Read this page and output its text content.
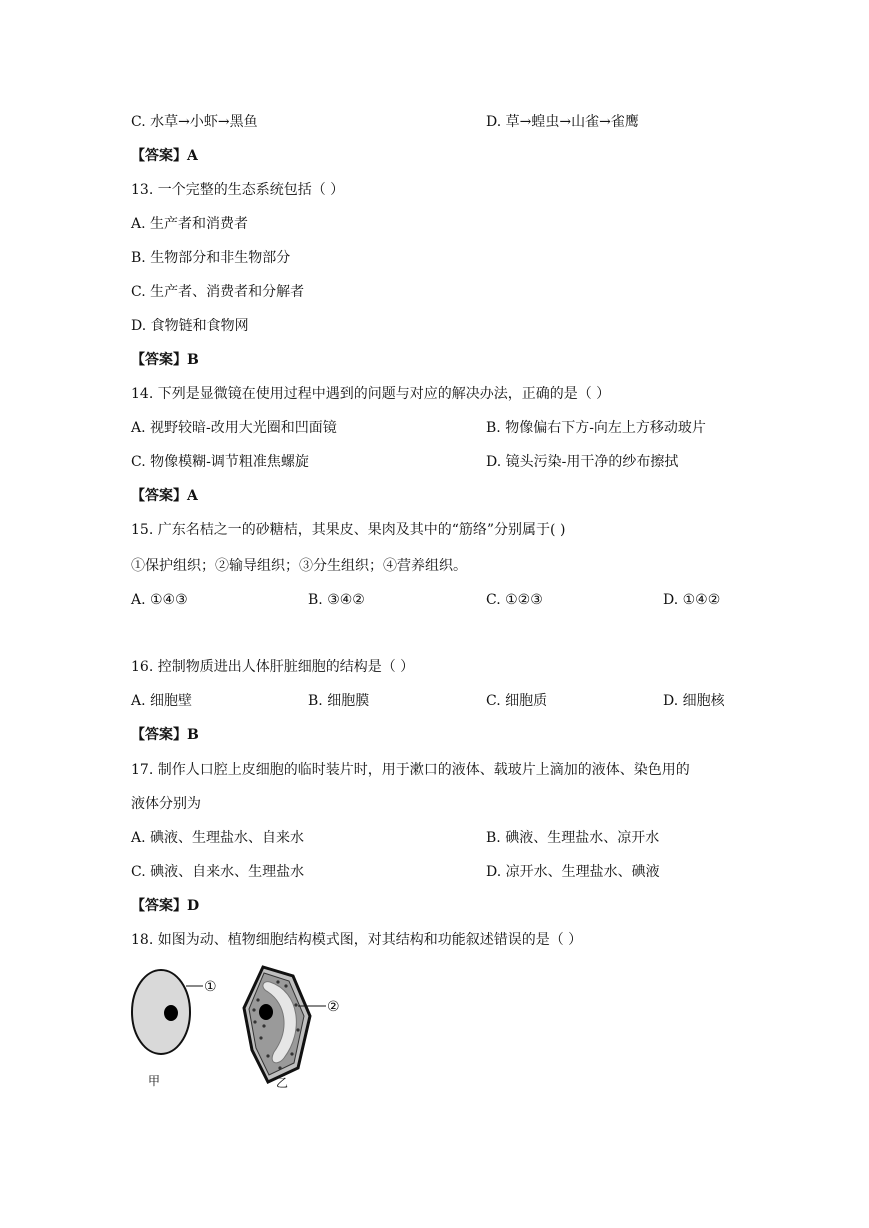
C. 水草→小虾→黑鱼	D. 草→蝗虫→山雀→雀鹰
【答案】A
13. 一个完整的生态系统包括（ ）
A. 生产者和消费者
B. 生物部分和非生物部分
C. 生产者、消费者和分解者
D. 食物链和食物网
【答案】B
14. 下列是显微镜在使用过程中遇到的问题与对应的解决办法，正确的是（ ）
A. 视野较暗-改用大光圈和凹面镜	B. 物像偏右下方-向左上方移动玻片
C. 物像模糊-调节粗准焦螺旋	D. 镜头污染-用干净的纱布擦拭
【答案】A
15. 广东名桔之一的砂糖桔，其果皮、果肉及其中的“筋络”分别属于( )
①保护组织；②输导组织；③分生组织；④营养组织。
A. ①④③	B. ③④②	C. ①②③	D. ①④②
16. 控制物质进出人体肝脏细胞的结构是（ ）
A. 细胞壁	B. 细胞膜	C. 细胞质	D. 细胞核
【答案】B
17. 制作人口腔上皮细胞的临时装片时，用于漱口的液体、载玻片上滴加的液体、染色用的
液体分别为
A. 碘液、生理盐水、自来水	B. 碘液、生理盐水、凉开水
C. 碘液、自来水、生理盐水	D. 凉开水、生理盐水、碘液
【答案】D
18. 如图为动、植物细胞结构模式图，对其结构和功能叙述错误的是（ ）
①
甲
②
乙
